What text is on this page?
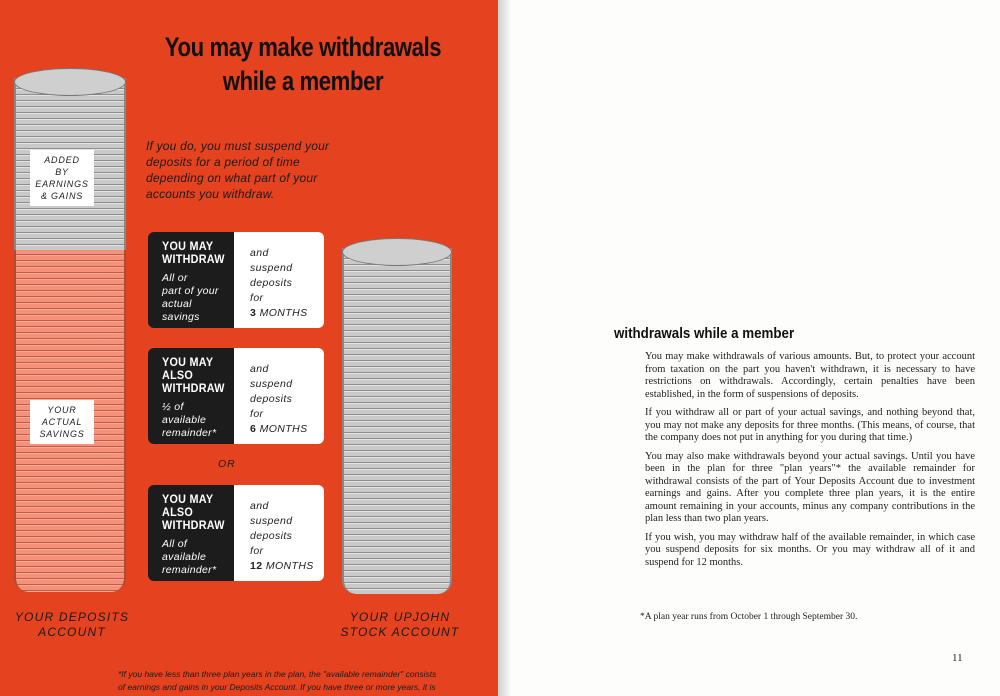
You may make withdrawals
while a member
If you do, you must suspend your deposits for a period of time depending on what part of your accounts you withdraw.
ADDED
BY
EARNINGS
& GAINS
YOUR
ACTUAL
SAVINGS
YOU MAY
WITHDRAW
All or
part of your
actual
savings
and
suspend
deposits
for
3 MONTHS
YOU MAY
ALSO
WITHDRAW
½ of
available
remainder*
and
suspend
deposits
for
6 MONTHS
OR
YOU MAY
ALSO
WITHDRAW
All of
available
remainder*
and
suspend
deposits
for
12 MONTHS
YOUR DEPOSITS
ACCOUNT
YOUR UPJOHN
STOCK ACCOUNT
*If you have less than three plan years in the plan, the "available remainder" consists
of earnings and gains in your Deposits Account. If you have three or more years, it is
withdrawals while a member

You may make withdrawals of various amounts. But, to protect your account from taxation on the part you haven't withdrawn, it is necessary to have restrictions on withdrawals. Accordingly, certain penalties have been established, in the form of suspensions of deposits.

If you withdraw all or part of your actual savings, and nothing beyond that, you may not make any deposits for three months. (This means, of course, that the company does not put in anything for you during that time.)

You may also make withdrawals beyond your actual savings. Until you have been in the plan for three "plan years"* the available remainder for withdrawal consists of the part of Your Deposits Account due to investment earnings and gains. After you complete three plan years, it is the entire amount remaining in your accounts, minus any company contributions in the plan less than two plan years.

If you wish, you may withdraw half of the available remainder, in which case you suspend deposits for six months. Or you may withdraw all of it and suspend for 12 months.

*A plan year runs from October 1 through September 30.
11
